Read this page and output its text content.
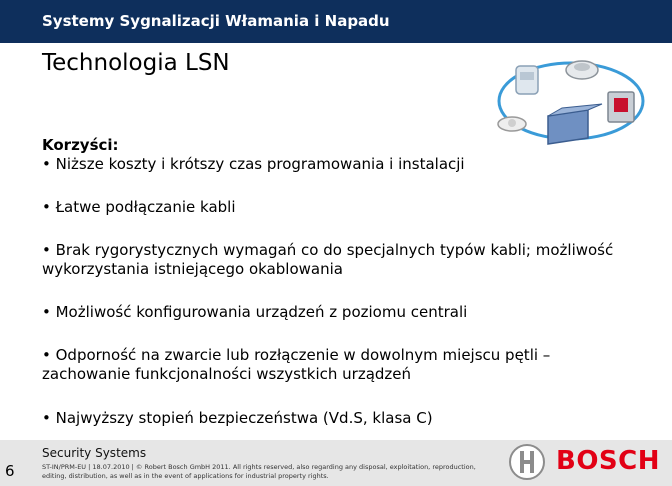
Systemy Sygnalizacji Włamania i Napadu
Technologia LSN
Korzyści:

• Niższe koszty i krótszy czas programowania i instalacji

• Łatwe podłączanie kabli

• Brak rygorystycznych wymagań co do specjalnych typów kabli; możliwość wykorzystania istniejącego okablowania

• Możliwość konfigurowania urządzeń z poziomu centrali

• Odporność na zwarcie lub rozłączenie w dowolnym miejscu pętli – zachowanie funkcjonalności wszystkich urządzeń

• Najwyższy stopień bezpieczeństwa (Vd.S, klasa C)

6
Security Systems
ST-IN/PRM-EU | 18.07.2010 | © Robert Bosch GmbH 2011. All rights reserved, also regarding any disposal, exploitation, reproduction, editing, distribution, as well as in the event of applications for industrial property rights.	BOSCH
